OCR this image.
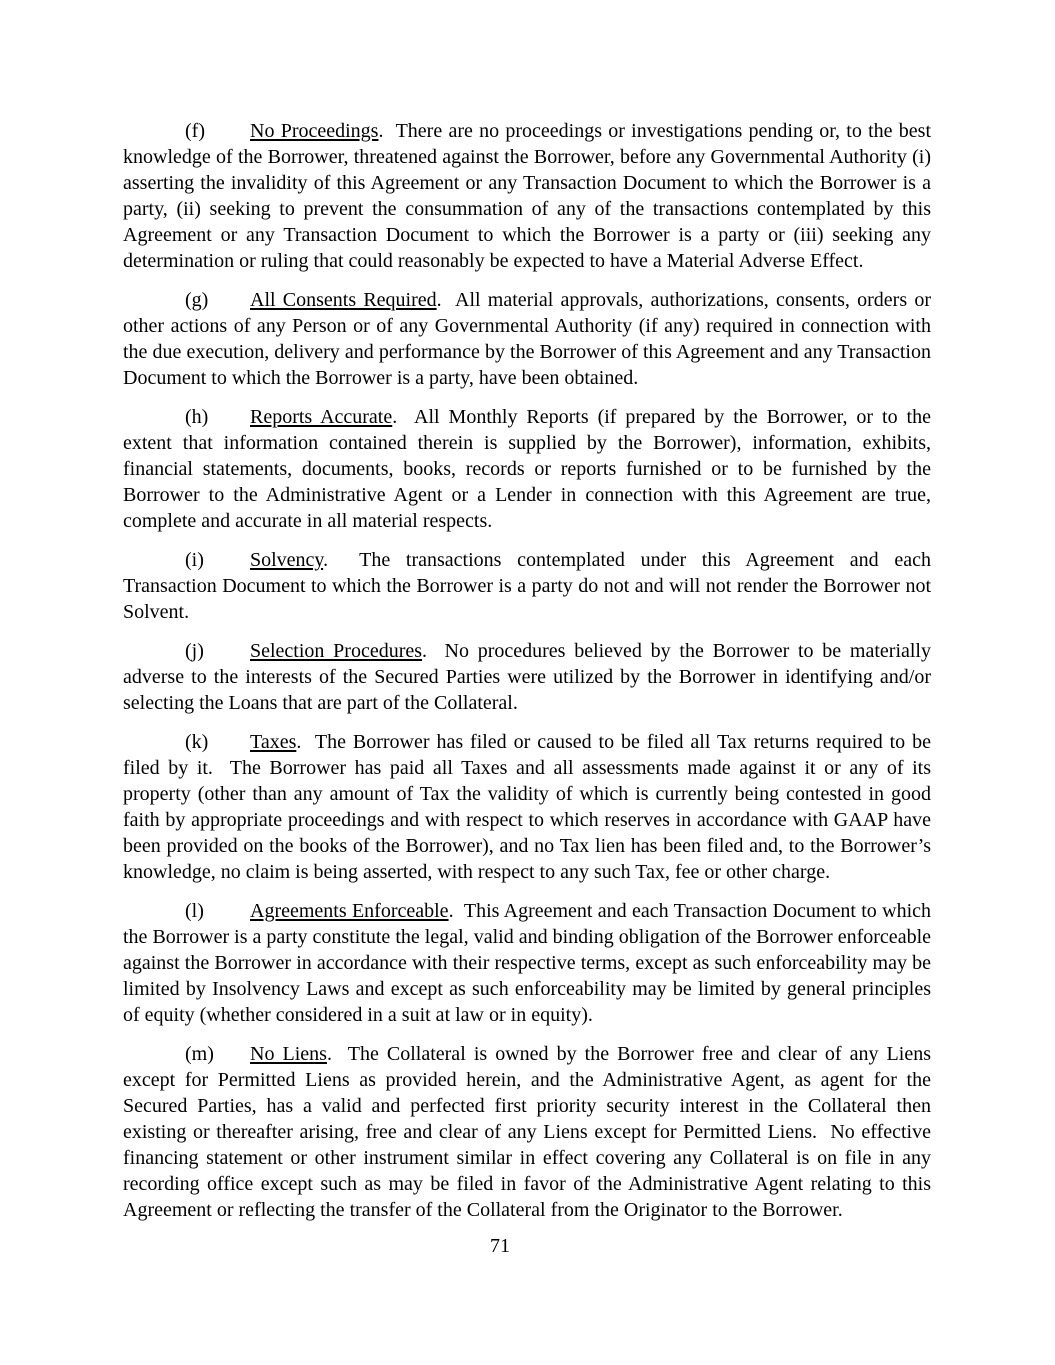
(f) No Proceedings.  There are no proceedings or investigations pending or, to the best knowledge of the Borrower, threatened against the Borrower, before any Governmental Authority (i) asserting the invalidity of this Agreement or any Transaction Document to which the Borrower is a party, (ii) seeking to prevent the consummation of any of the transactions contemplated by this Agreement or any Transaction Document to which the Borrower is a party or (iii) seeking any determination or ruling that could reasonably be expected to have a Material Adverse Effect.

(g) All Consents Required.  All material approvals, authorizations, consents, orders or other actions of any Person or of any Governmental Authority (if any) required in connection with the due execution, delivery and performance by the Borrower of this Agreement and any Transaction Document to which the Borrower is a party, have been obtained.

(h) Reports Accurate.  All Monthly Reports (if prepared by the Borrower, or to the extent that information contained therein is supplied by the Borrower), information, exhibits, financial statements, documents, books, records or reports furnished or to be furnished by the Borrower to the Administrative Agent or a Lender in connection with this Agreement are true, complete and accurate in all material respects.

(i) Solvency.  The transactions contemplated under this Agreement and each Transaction Document to which the Borrower is a party do not and will not render the Borrower not Solvent.

(j) Selection Procedures.  No procedures believed by the Borrower to be materially adverse to the interests of the Secured Parties were utilized by the Borrower in identifying and/or selecting the Loans that are part of the Collateral.

(k) Taxes.  The Borrower has filed or caused to be filed all Tax returns required to be filed by it.  The Borrower has paid all Taxes and all assessments made against it or any of its property (other than any amount of Tax the validity of which is currently being contested in good faith by appropriate proceedings and with respect to which reserves in accordance with GAAP have been provided on the books of the Borrower), and no Tax lien has been filed and, to the Borrower’s knowledge, no claim is being asserted, with respect to any such Tax, fee or other charge.

(l) Agreements Enforceable.  This Agreement and each Transaction Document to which the Borrower is a party constitute the legal, valid and binding obligation of the Borrower enforceable against the Borrower in accordance with their respective terms, except as such enforceability may be limited by Insolvency Laws and except as such enforceability may be limited by general principles of equity (whether considered in a suit at law or in equity).

(m) No Liens.  The Collateral is owned by the Borrower free and clear of any Liens except for Permitted Liens as provided herein, and the Administrative Agent, as agent for the Secured Parties, has a valid and perfected first priority security interest in the Collateral then existing or thereafter arising, free and clear of any Liens except for Permitted Liens.  No effective financing statement or other instrument similar in effect covering any Collateral is on file in any recording office except such as may be filed in favor of the Administrative Agent relating to this Agreement or reflecting the transfer of the Collateral from the Originator to the Borrower.

71
